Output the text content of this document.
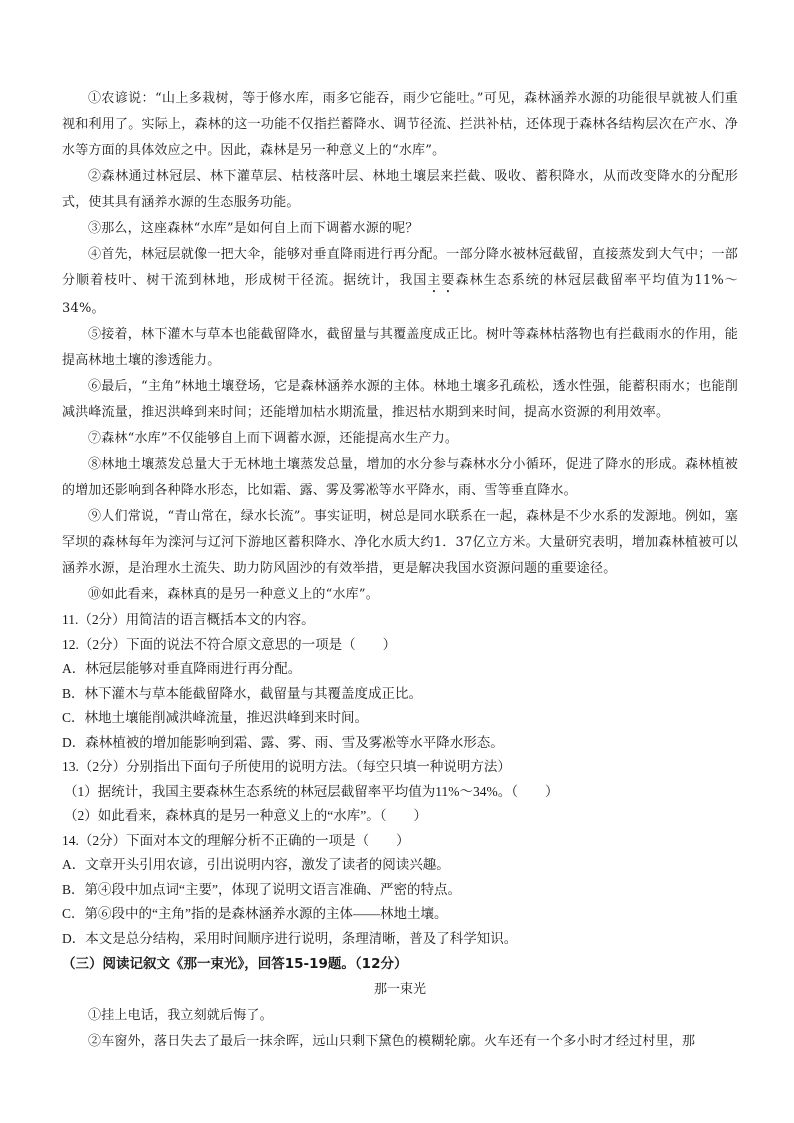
①农谚说：“山上多栽树，等于修水库，雨多它能吞，雨少它能吐。”可见，森林涵养水源的功能很早就被人们重视和利用了。实际上，森林的这一功能不仅指拦蓄降水、调节径流、拦洪补枯，还体现于森林各结构层次在产水、净水等方面的具体效应之中。因此，森林是另一种意义上的“水库”。

②森林通过林冠层、林下灌草层、枯枝落叶层、林地土壤层来拦截、吸收、蓄积降水，从而改变降水的分配形式，使其具有涵养水源的生态服务功能。

③那么，这座森林“水库”是如何自上而下调蓄水源的呢？

④首先，林冠层就像一把大伞，能够对垂直降雨进行再分配。一部分降水被林冠截留，直接蒸发到大气中；一部分顺着枝叶、树干流到林地，形成树干径流。据统计，我国主要森林生态系统的林冠层截留率平均值为11%～34%。

⑤接着，林下灌木与草本也能截留降水，截留量与其覆盖度成正比。树叶等森林枯落物也有拦截雨水的作用，能提高林地土壤的渗透能力。

⑥最后，“主角”林地土壤登场，它是森林涵养水源的主体。林地土壤多孔疏松，透水性强，能蓄积雨水；也能削减洪峰流量，推迟洪峰到来时间；还能增加枯水期流量，推迟枯水期到来时间，提高水资源的利用效率。

⑦森林“水库”不仅能够自上而下调蓄水源，还能提高水生产力。

⑧林地土壤蒸发总量大于无林地土壤蒸发总量，增加的水分参与森林水分小循环，促进了降水的形成。森林植被的增加还影响到各种降水形态，比如霜、露、雾及雾凇等水平降水，雨、雪等垂直降水。

⑨人们常说，“青山常在，绿水长流”。事实证明，树总是同水联系在一起，森林是不少水系的发源地。例如，塞罕坝的森林每年为滦河与辽河下游地区蓄积降水、净化水质大约1．37亿立方米。大量研究表明，增加森林植被可以涵养水源，是治理水土流失、助力防风固沙的有效举措，更是解决我国水资源问题的重要途径。

⑩如此看来，森林真的是另一种意义上的“水库”。

11.（2分）用简洁的语言概括本文的内容。

12.（2分）下面的说法不符合原文意思的一项是（　　）

A．林冠层能够对垂直降雨进行再分配。

B．林下灌木与草本能截留降水，截留量与其覆盖度成正比。

C．林地土壤能削减洪峰流量，推迟洪峰到来时间。

D．森林植被的增加能影响到霜、露、雾、雨、雪及雾凇等水平降水形态。

13.（2分）分别指出下面句子所使用的说明方法。（每空只填一种说明方法）

（1）据统计，我国主要森林生态系统的林冠层截留率平均值为11%～34%。（　　）

（2）如此看来，森林真的是另一种意义上的“水库”。（　　）

14.（2分）下面对本文的理解分析不正确的一项是（　　）

A．文章开头引用农谚，引出说明内容，激发了读者的阅读兴趣。

B．第④段中加点词“主要”，体现了说明文语言准确、严密的特点。

C．第⑥段中的“主角”指的是森林涵养水源的主体——林地土壤。

D．本文是总分结构，采用时间顺序进行说明，条理清晰，普及了科学知识。

（三）阅读记叙文《那一束光》，回答15-19题。（12分）

那一束光

①挂上电话，我立刻就后悔了。

②车窗外，落日失去了最后一抹余晖，远山只剩下黛色的模糊轮廓。火车还有一个多小时才经过村里，那
